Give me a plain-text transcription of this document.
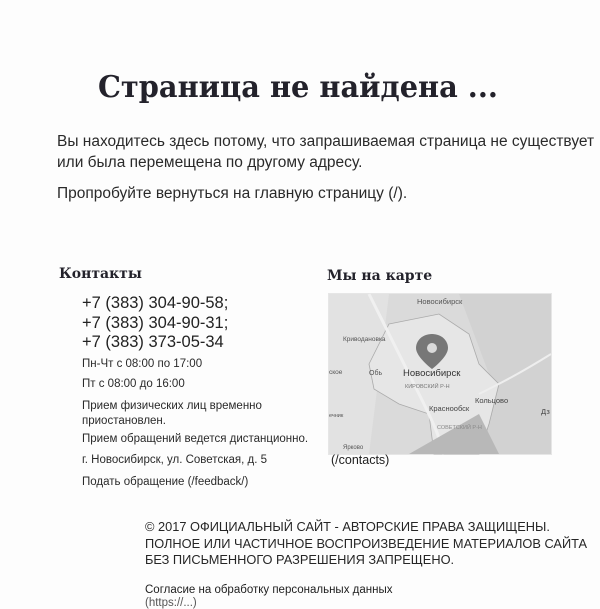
Страница не найдена ...

Вы находитесь здесь потому, что запрашиваемая страница не существует
или была перемещена по другому адресу.

Пропробуйте вернуться на главную страницу (/).

Контакты
+7 (383) 304-90-58;
+7 (383) 304-90-31;
+7 (383) 373-05-34
Пн-Чт с 08:00 по 17:00
Пт с 08:00 до 16:00
Прием физических лиц временно
приостановлен.
Прием обращений ведется дистанционно.
г. Новосибирск, ул. Советская, д. 5
Подать обращение (/feedback/)
Мы на карте
Новосибирск
Криводановка
ское	Обь Новосибирск
КИРОВСКИЙ Р-Н
Краснообск
Кольцово
Дз
ечник
СОВЕТСКИЙ Р-Н
Ярково
(/contacts)
© 2017 ОФИЦИАЛЬНЫЙ САЙТ - АВТОРСКИЕ ПРАВА ЗАЩИЩЕНЫ.
ПОЛНОЕ ИЛИ ЧАСТИЧНОЕ ВОСПРОИЗВЕДЕНИЕ МАТЕРИАЛОВ САЙТА
БЕЗ ПИСЬМЕННОГО РАЗРЕШЕНИЯ ЗАПРЕЩЕНО.
Согласие на обработку персональных данных
(https://...)
